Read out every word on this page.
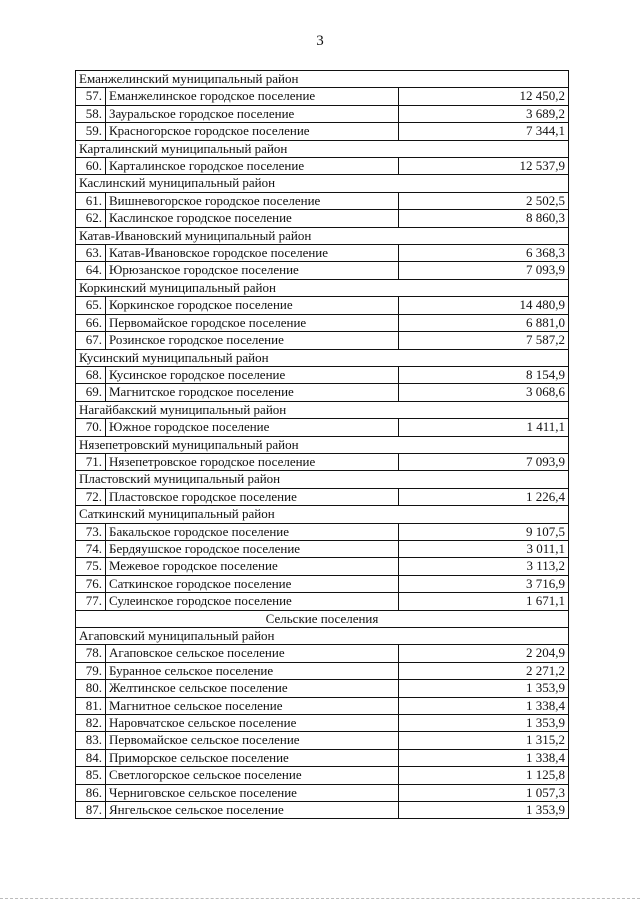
3
Еманжелинский муниципальный район		
57.	Еманжелинское городское поселение	12 450,2
58.	Зауральское городское поселение	3 689,2
59.	Красногорское городское поселение	7 344,1
Карталинский муниципальный район		
60.	Карталинское городское поселение	12 537,9
Каслинский муниципальный район		
61.	Вишневогорское городское поселение	2 502,5
62.	Каслинское городское поселение	8 860,3
Катав-Ивановский муниципальный район		
63.	Катав-Ивановское городское поселение	6 368,3
64.	Юрюзанское городское поселение	7 093,9
Коркинский муниципальный район		
65.	Коркинское городское поселение	14 480,9
66.	Первомайское городское поселение	6 881,0
67.	Розинское городское поселение	7 587,2
Кусинский муниципальный район		
68.	Кусинское городское поселение	8 154,9
69.	Магнитское городское поселение	3 068,6
Нагайбакский муниципальный район		
70.	Южное городское поселение	1 411,1
Нязепетровский муниципальный район		
71.	Нязепетровское городское поселение	7 093,9
Пластовский муниципальный район		
72.	Пластовское городское поселение	1 226,4
Саткинский муниципальный район		
73.	Бакальское городское поселение	9 107,5
74.	Бердяушское городское поселение	3 011,1
75.	Межевое городское поселение	3 113,2
76.	Саткинское городское поселение	3 716,9
77.	Сулеинское городское поселение	1 671,1
Сельские поселения		
Агаповский муниципальный район		
78.	Агаповское сельское поселение	2 204,9
79.	Буранное сельское поселение	2 271,2
80.	Желтинское сельское поселение	1 353,9
81.	Магнитное сельское поселение	1 338,4
82.	Наровчатское сельское поселение	1 353,9
83.	Первомайское сельское поселение	1 315,2
84.	Приморское сельское поселение	1 338,4
85.	Светлогорское сельское поселение	1 125,8
86.	Черниговское сельское поселение	1 057,3
87.	Янгельское сельское поселение	1 353,9
